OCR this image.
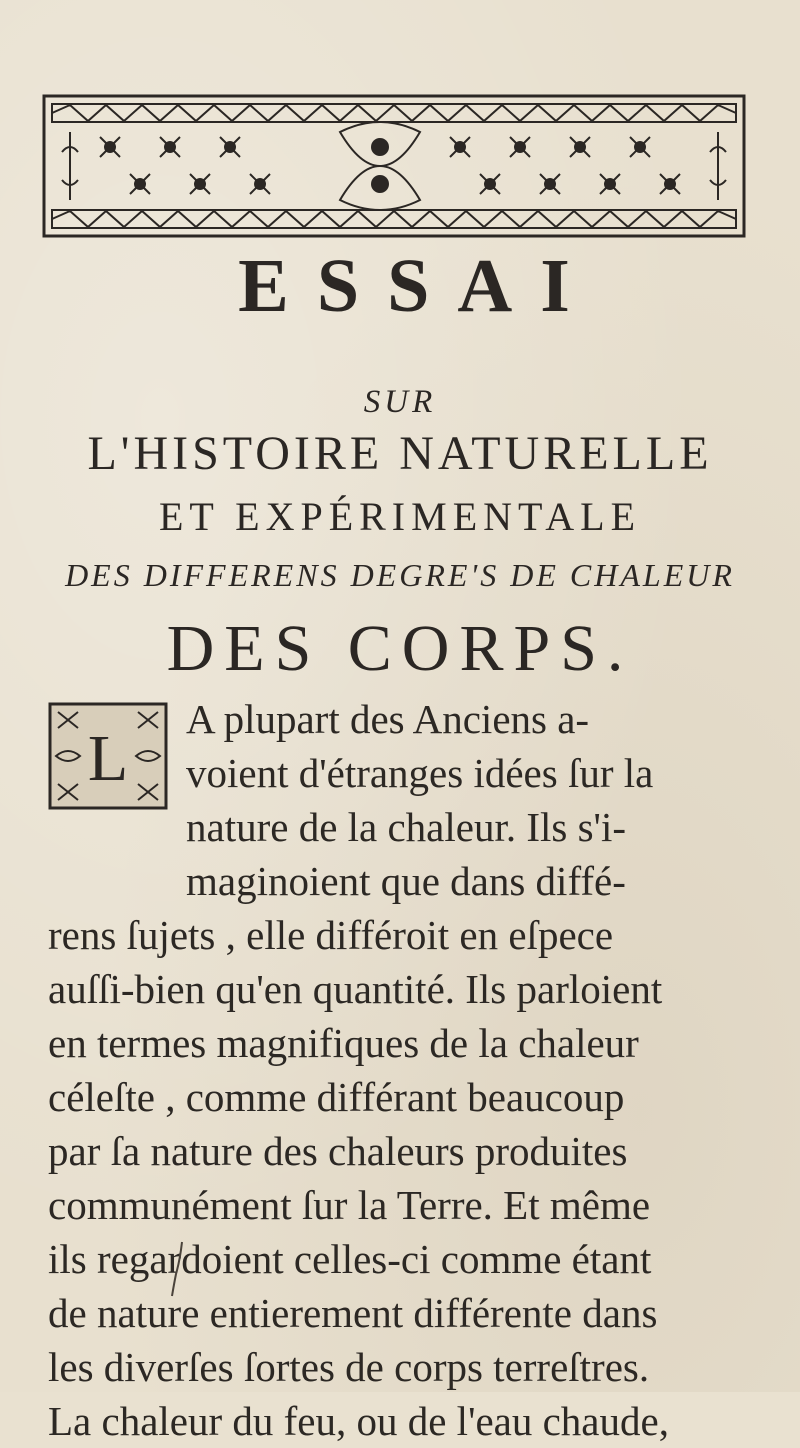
ESSAI
SUR
L'HISTOIRE NATURELLE
ET EXPÉRIMENTALE
DES DIFFERENS DEGRE'S DE CHALEUR
DES CORPS.
L
A plupart des Anciens a-
voient d'étranges idées ſur la
nature de la chaleur. Ils s'i-
maginoient que dans diffé-
rens ſujets , elle différoit en eſpece
auſſi-bien qu'en quantité. Ils parloient
en termes magnifiques de la chaleur
céleſte , comme différant beaucoup
par ſa nature des chaleurs produites
communément ſur la Terre. Et même
ils regardoient celles-ci comme étant
de nature entierement différente dans
les diverſes ſortes de corps terreſtres.
La chaleur du feu, ou de l'eau chaude,
